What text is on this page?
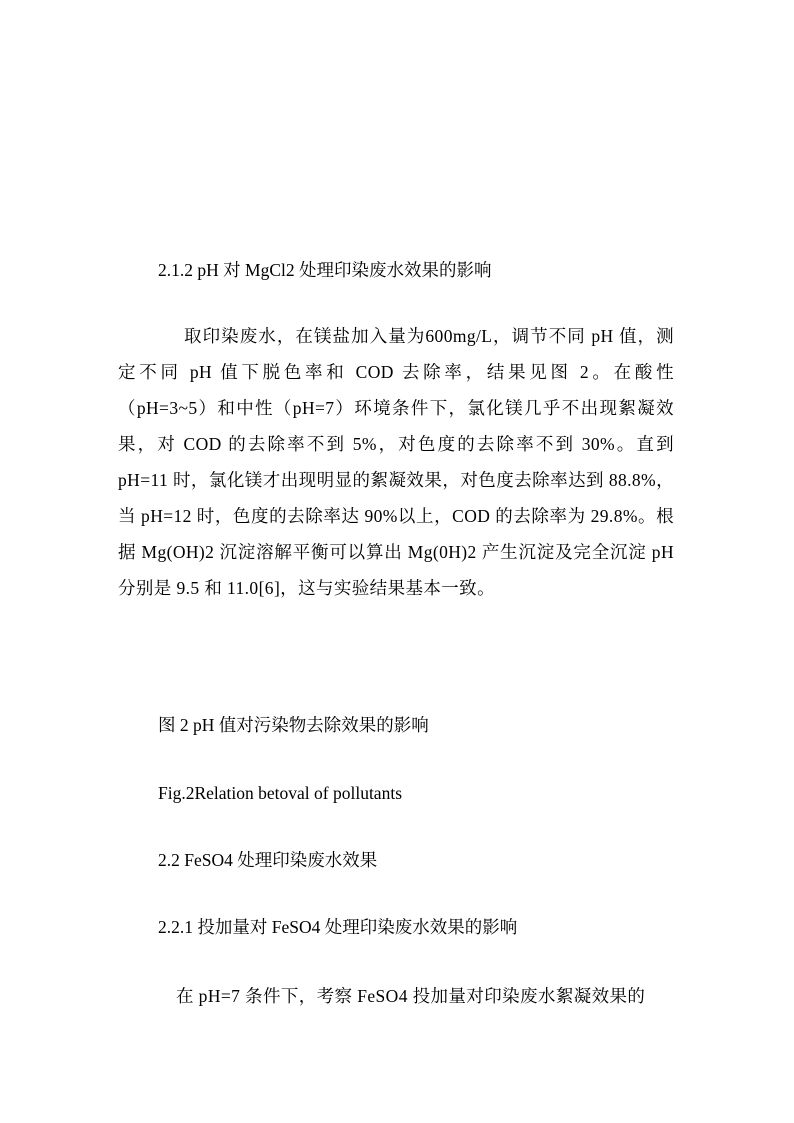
2.1.2 pH 对 MgCl2 处理印染废水效果的影响
取印染废水，在镁盐加入量为600mg/L，调节不同 pH 值，测定不同 pH 值下脱色率和 COD 去除率，结果见图 2。在酸性（pH=3~5）和中性（pH=7）环境条件下，氯化镁几乎不出现絮凝效果，对 COD 的去除率不到 5%，对色度的去除率不到 30%。直到 pH=11 时，氯化镁才出现明显的絮凝效果，对色度去除率达到 88.8%，当 pH=12 时，色度的去除率达 90%以上，COD 的去除率为 29.8%。根据 Mg(OH)2 沉淀溶解平衡可以算出 Mg(0H)2 产生沉淀及完全沉淀 pH 分别是 9.5 和 11.0[6]，这与实验结果基本一致。
图 2 pH 值对污染物去除效果的影响
Fig.2Relation betoval of pollutants
2.2 FeSO4 处理印染废水效果
2.2.1 投加量对 FeSO4 处理印染废水效果的影响
在 pH=7 条件下，考察 FeSO4 投加量对印染废水絮凝效果的
